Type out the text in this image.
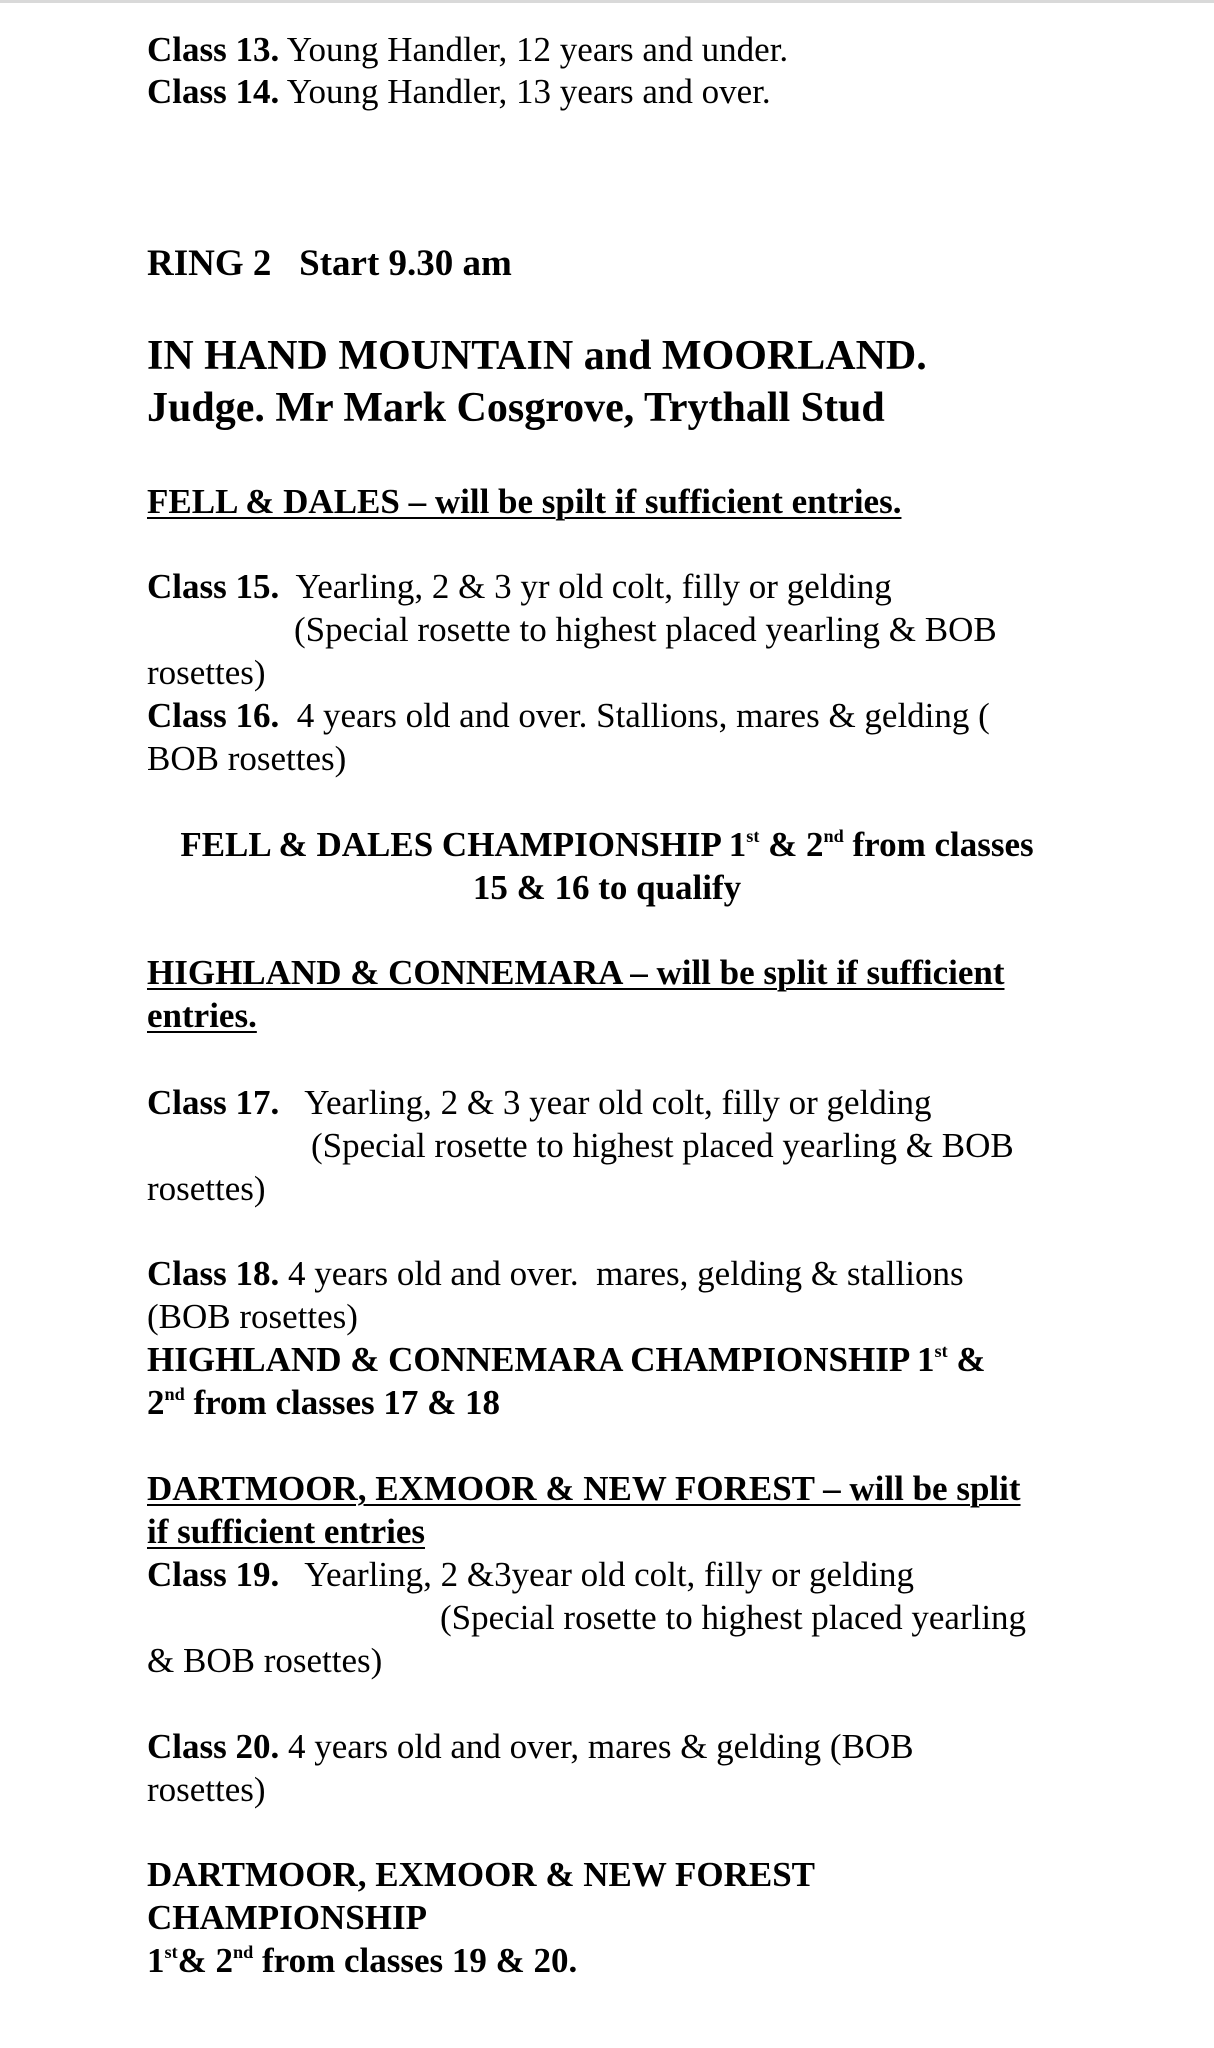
Class 13. Young Handler, 12 years and under.
Class 14. Young Handler, 13 years and over.
RING 2   Start 9.30 am
IN HAND MOUNTAIN and MOORLAND.
Judge. Mr Mark Cosgrove, Trythall Stud
FELL & DALES – will be spilt if sufficient entries.
Class 15.  Yearling, 2 & 3 yr old colt, filly or gelding
(Special rosette to highest placed yearling & BOB
rosettes)
Class 16.  4 years old and over. Stallions, mares & gelding (
BOB rosettes)
FELL & DALES CHAMPIONSHIP 1st & 2nd from classes
15 & 16 to qualify
HIGHLAND & CONNEMARA – will be split if sufficient
entries.
Class 17.   Yearling, 2 & 3 year old colt, filly or gelding
(Special rosette to highest placed yearling & BOB
rosettes)
Class 18. 4 years old and over.  mares, gelding & stallions
(BOB rosettes)
HIGHLAND & CONNEMARA CHAMPIONSHIP 1st &
2nd from classes 17 & 18
DARTMOOR, EXMOOR & NEW FOREST – will be split
if sufficient entries
Class 19.   Yearling, 2 &3year old colt, filly or gelding
(Special rosette to highest placed yearling
& BOB rosettes)
Class 20. 4 years old and over, mares & gelding (BOB
rosettes)
DARTMOOR, EXMOOR & NEW FOREST
CHAMPIONSHIP
1st& 2nd from classes 19 & 20.
